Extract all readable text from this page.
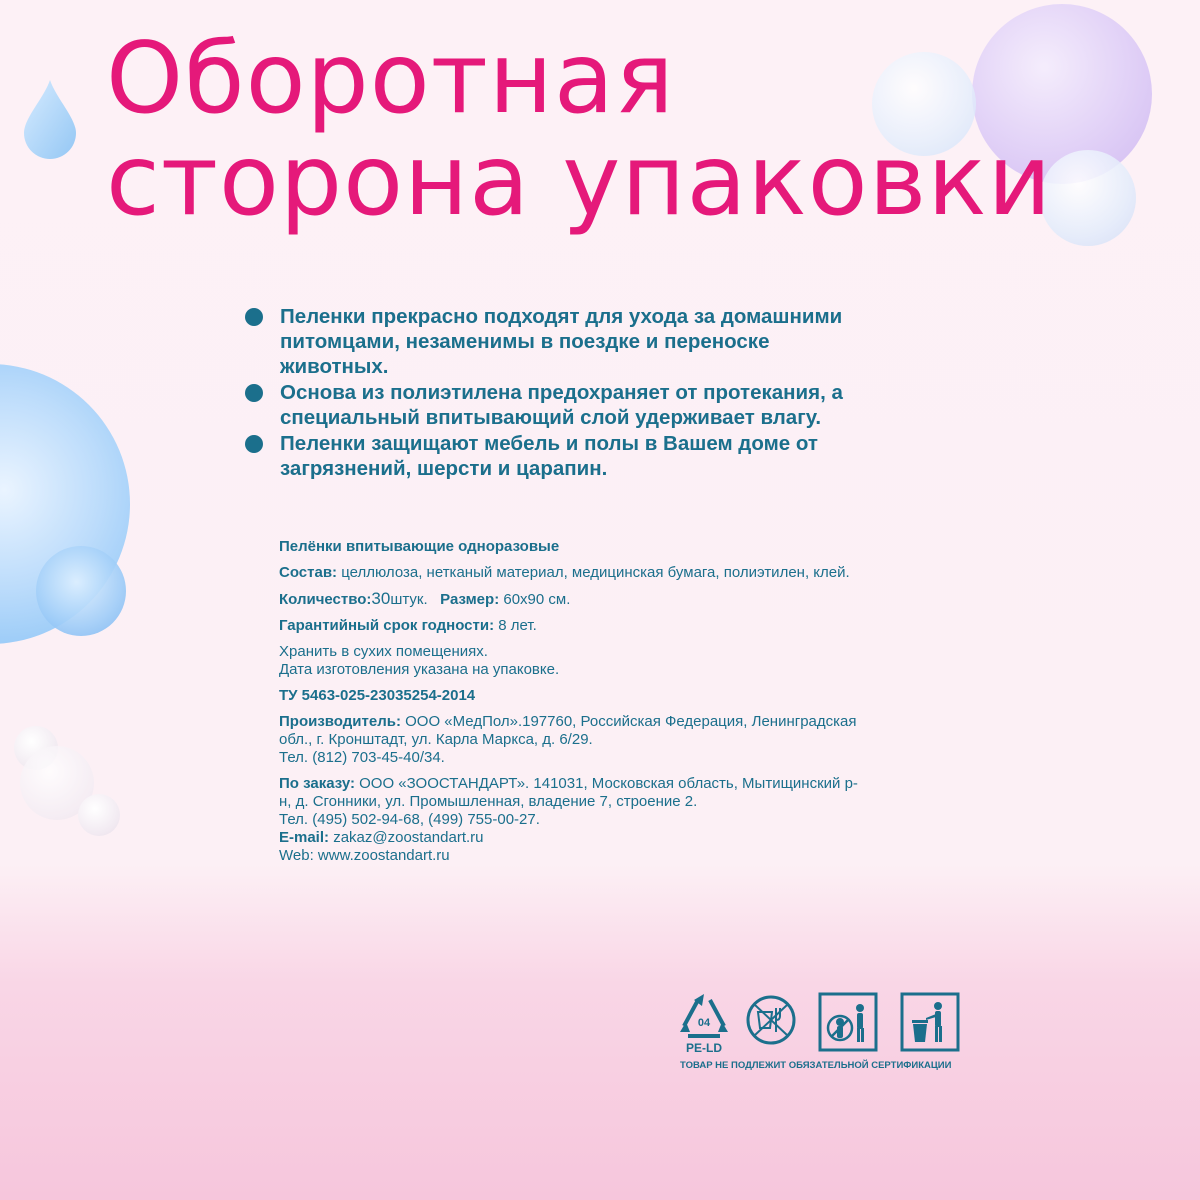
Оборотная
сторона упаковки
Пеленки прекрасно подходят для ухода за домашними питомцами, незаменимы в поездке и переноске животных.
Основа из полиэтилена предохраняет от протекания, а специальный впитывающий слой удерживает влагу.
Пеленки защищают мебель и полы в Вашем доме от загрязнений, шерсти и царапин.

Пелёнки впитывающие одноразовые

Состав: целлюлоза, нетканый материал, медицинская бумага, полиэтилен, клей.

Количество:30штук. Размер: 60х90 см.

Гарантийный срок годности: 8 лет.

Хранить в сухих помещениях.
Дата изготовления указана на упаковке.

ТУ 5463-025-23035254-2014

Производитель: ООО «МедПол».197760, Российская Федерация, Ленинградская обл., г. Кронштадт, ул. Карла Маркса, д. 6/29.
Тел. (812) 703-45-40/34.

По заказу: ООО «ЗООСТАНДАРТ». 141031, Московская область, Мытищинский р-н, д. Сгонники, ул. Промышленная, владение 7, строение 2.
Тел. (495) 502-94-68, (499) 755-00-27.
E-mail: zakaz@zoostandart.ru
Web: www.zoostandart.ru

04
PE-LD
ТОВАР НЕ ПОДЛЕЖИТ ОБЯЗАТЕЛЬНОЙ СЕРТИФИКАЦИИ
